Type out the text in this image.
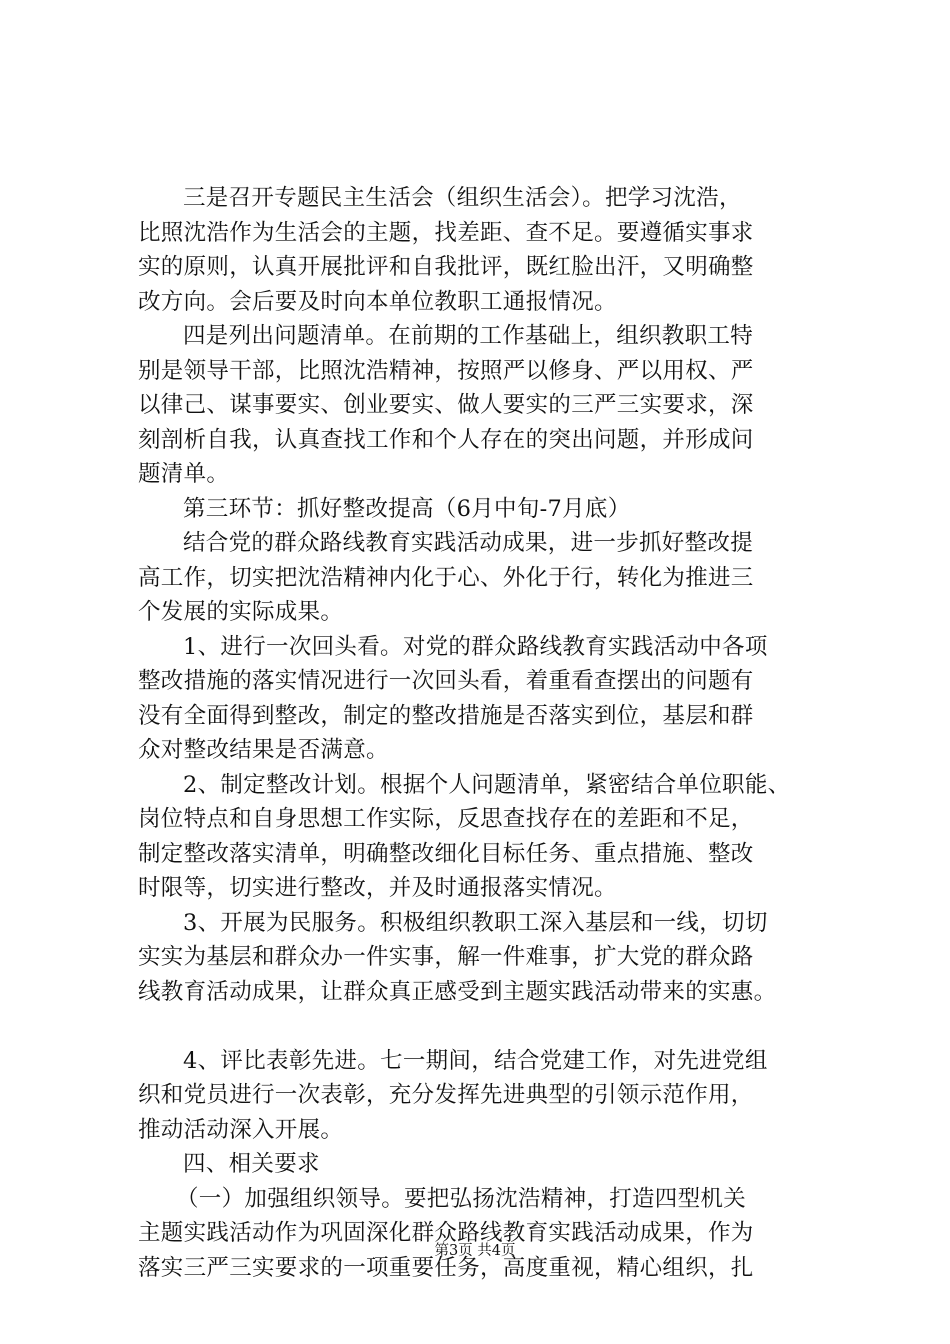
三是召开专题民主生活会（组织生活会）。把学习沈浩，
比照沈浩作为生活会的主题，找差距、查不足。要遵循实事求
实的原则，认真开展批评和自我批评，既红脸出汗，又明确整
改方向。会后要及时向本单位教职工通报情况。
四是列出问题清单。在前期的工作基础上，组织教职工特
别是领导干部，比照沈浩精神，按照严以修身、严以用权、严
以律己、谋事要实、创业要实、做人要实的三严三实要求，深
刻剖析自我，认真查找工作和个人存在的突出问题，并形成问
题清单。
第三环节：抓好整改提高（6月中旬-7月底）
结合党的群众路线教育实践活动成果，进一步抓好整改提
高工作，切实把沈浩精神内化于心、外化于行，转化为推进三
个发展的实际成果。
1、进行一次回头看。对党的群众路线教育实践活动中各项
整改措施的落实情况进行一次回头看，着重看查摆出的问题有
没有全面得到整改，制定的整改措施是否落实到位，基层和群
众对整改结果是否满意。
2、制定整改计划。根据个人问题清单，紧密结合单位职能、
岗位特点和自身思想工作实际，反思查找存在的差距和不足，
制定整改落实清单，明确整改细化目标任务、重点措施、整改
时限等，切实进行整改，并及时通报落实情况。
3、开展为民服务。积极组织教职工深入基层和一线，切切
实实为基层和群众办一件实事，解一件难事，扩大党的群众路
线教育活动成果，让群众真正感受到主题实践活动带来的实惠。
4、评比表彰先进。七一期间，结合党建工作，对先进党组
织和党员进行一次表彰，充分发挥先进典型的引领示范作用，
推动活动深入开展。
四、相关要求
（一）加强组织领导。要把弘扬沈浩精神，打造四型机关
主题实践活动作为巩固深化群众路线教育实践活动成果，作为
落实三严三实要求的一项重要任务，高度重视，精心组织，扎
第3页 共4页
